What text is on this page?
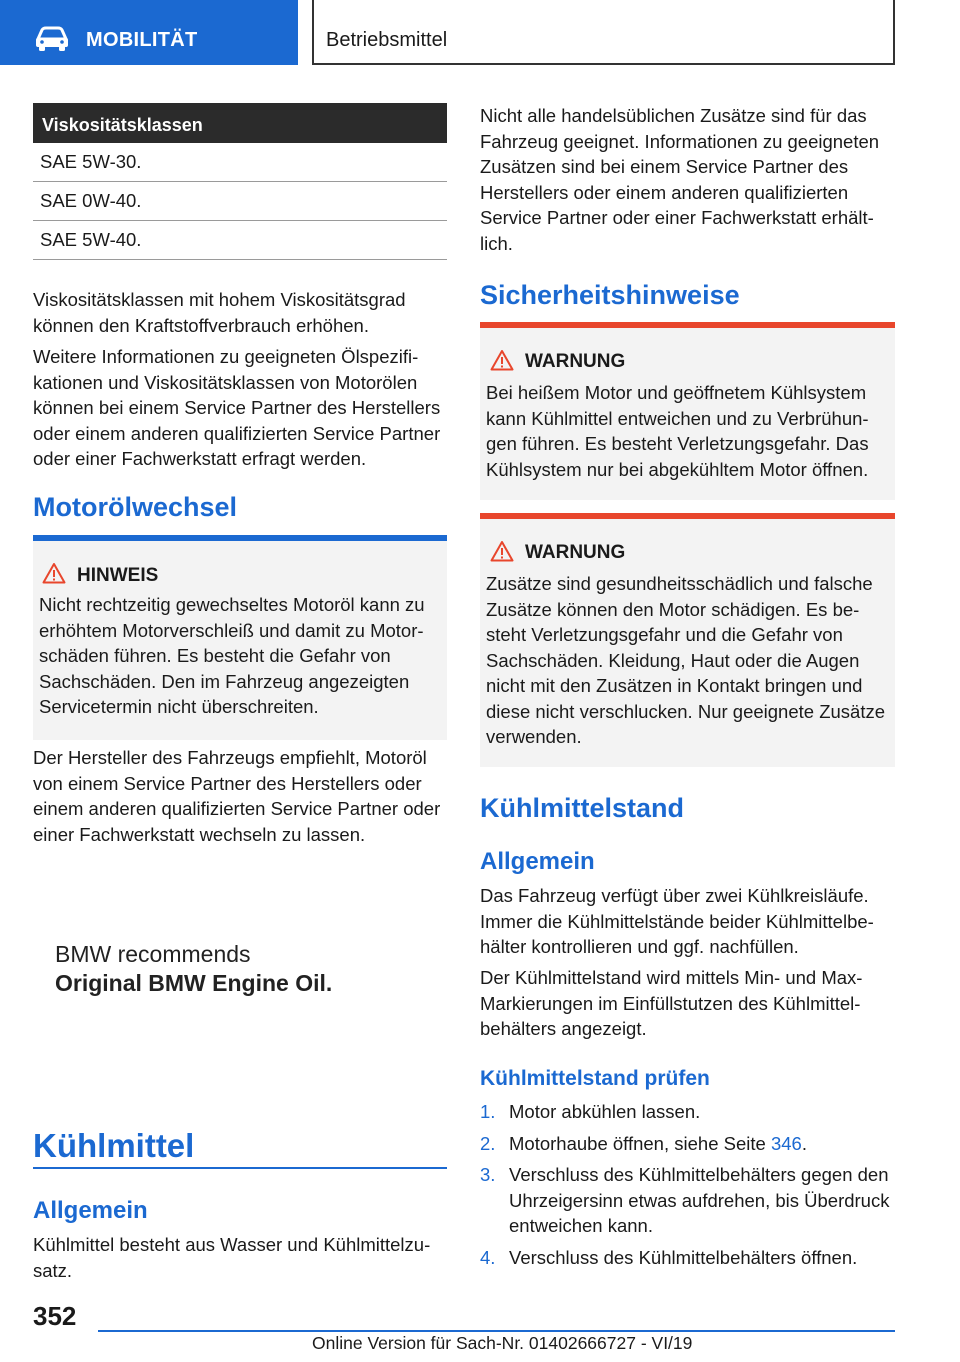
MOBILITÄT	Betriebsmittel
Viskositätsklassen
SAE 5W-30.
SAE 0W-40.
SAE 5W-40.

Viskositätsklassen mit hohem Viskositätsgrad können den Kraftstoffverbrauch erhöhen.

Weitere Informationen zu geeigneten Ölspezifikationen und Viskositätsklassen von Motorölen können bei einem Service Partner des Herstellers oder einem anderen qualifizierten Service Partner oder einer Fachwerkstatt erfragt werden.

Motorölwechsel
HINWEIS

Nicht rechtzeitig gewechseltes Motoröl kann zu erhöhtem Motorverschleiß und damit zu Motorschäden führen. Es besteht die Gefahr von Sachschäden. Den im Fahrzeug angezeigten Servicetermin nicht überschreiten.

Der Hersteller des Fahrzeugs empfiehlt, Motoröl von einem Service Partner des Herstellers oder einem anderen qualifizierten Service Partner oder einer Fachwerkstatt wechseln zu lassen.

BMW recommends
Original BMW Engine Oil.
Kühlmittel
Allgemein

Kühlmittel besteht aus Wasser und Kühlmittelzusatz.

Nicht alle handelsüblichen Zusätze sind für das Fahrzeug geeignet. Informationen zu geeigneten Zusätzen sind bei einem Service Partner des Herstellers oder einem anderen qualifizierten Service Partner oder einer Fachwerkstatt erhältlich.

Sicherheitshinweise
WARNUNG

Bei heißem Motor und geöffnetem Kühlsystem kann Kühlmittel entweichen und zu Verbrühungen führen. Es besteht Verletzungsgefahr. Das Kühlsystem nur bei abgekühltem Motor öffnen.

WARNUNG

Zusätze sind gesundheitsschädlich und falsche Zusätze können den Motor schädigen. Es besteht Verletzungsgefahr und die Gefahr von Sachschäden. Kleidung, Haut oder die Augen nicht mit den Zusätzen in Kontakt bringen und diese nicht verschlucken. Nur geeignete Zusätze verwenden.

Kühlmittelstand
Allgemein

Das Fahrzeug verfügt über zwei Kühlkreisläufe. Immer die Kühlmittelstände beider Kühlmittelbehälter kontrollieren und ggf. nachfüllen.

Der Kühlmittelstand wird mittels Min- und Max-Markierungen im Einfüllstutzen des Kühlmittelbehälters angezeigt.

Kühlmittelstand prüfen
1. Motor abkühlen lassen.
2. Motorhaube öffnen, siehe Seite 346.
3. Verschluss des Kühlmittelbehälters gegen den Uhrzeigersinn etwas aufdrehen, bis Überdruck entweichen kann.
4. Verschluss des Kühlmittelbehälters öffnen.
352
Online Version für Sach-Nr. 01402666727 - VI/19
